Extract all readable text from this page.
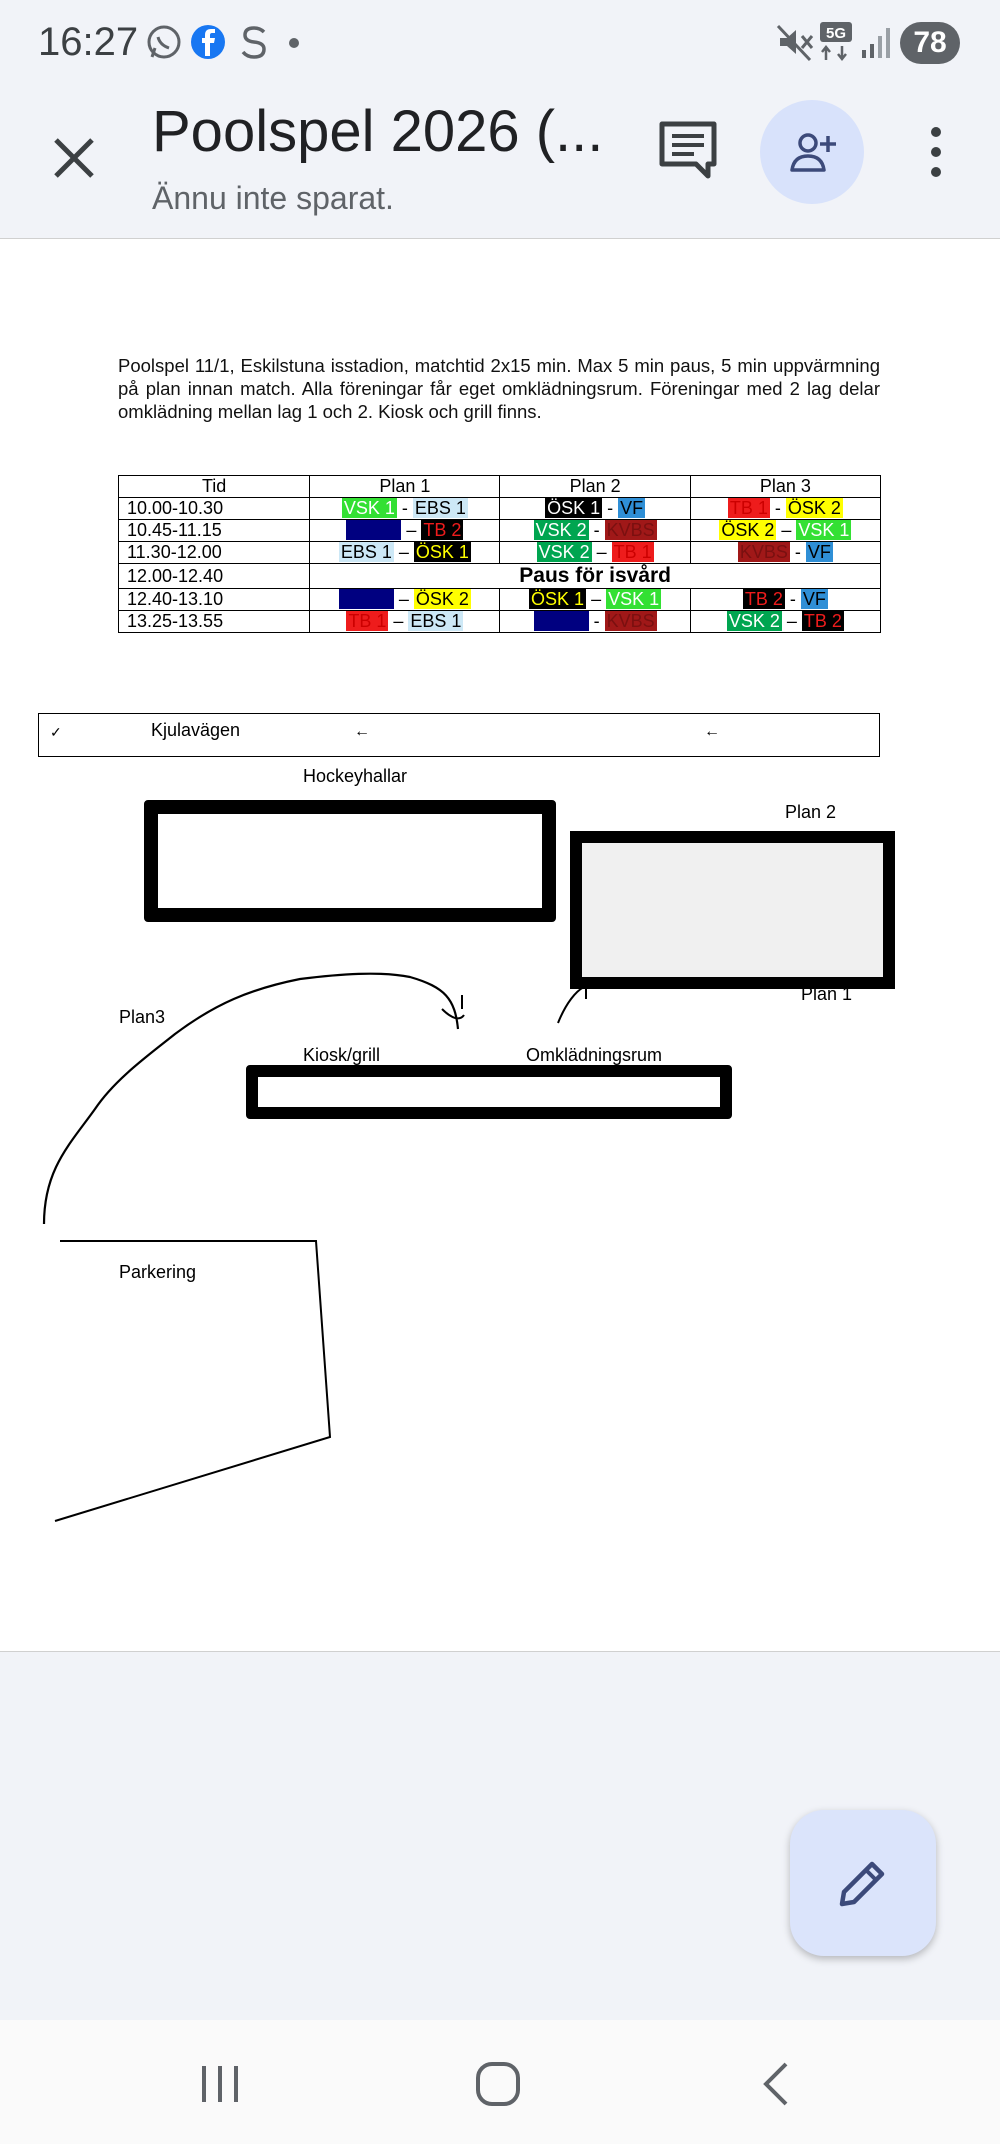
16:27	5G	78
Poolspel 2026 (...
Ännu inte sparat.
Poolspel 11/1, Eskilstuna isstadion, matchtid 2x15 min. Max 5 min paus, 5 min uppvärmning på plan innan match. Alla föreningar får eget omklädningsrum. Föreningar med 2 lag delar omklädning mellan lag 1 och 2. Kiosk och grill finns.
Tid	Plan 1	Plan 2	Plan 3
10.00-10.30	VSK 1 - EBS 1	ÖSK 1 - VF	TB 1 - ÖSK 2
10.45-11.15	EBS 2 – TB 2	VSK 2 - KVBS	ÖSK 2 – VSK 1
11.30-12.00	EBS 1 – ÖSK 1	VSK 2 – TB 1	KVBS - VF
12.00-12.40	Paus för isvård		
12.40-13.10	EBS 2 – ÖSK 2	ÖSK 1 – VSK 1	TB 2 - VF
13.25-13.55	TB 1 – EBS 1	EBS 2 - KVBS	VSK 2 – TB 2
✓	Kjulavägen	←	←
Hockeyhallar
Plan 2
Plan 1
Plan3
Kiosk/grill	Omklädningsrum
Parkering
